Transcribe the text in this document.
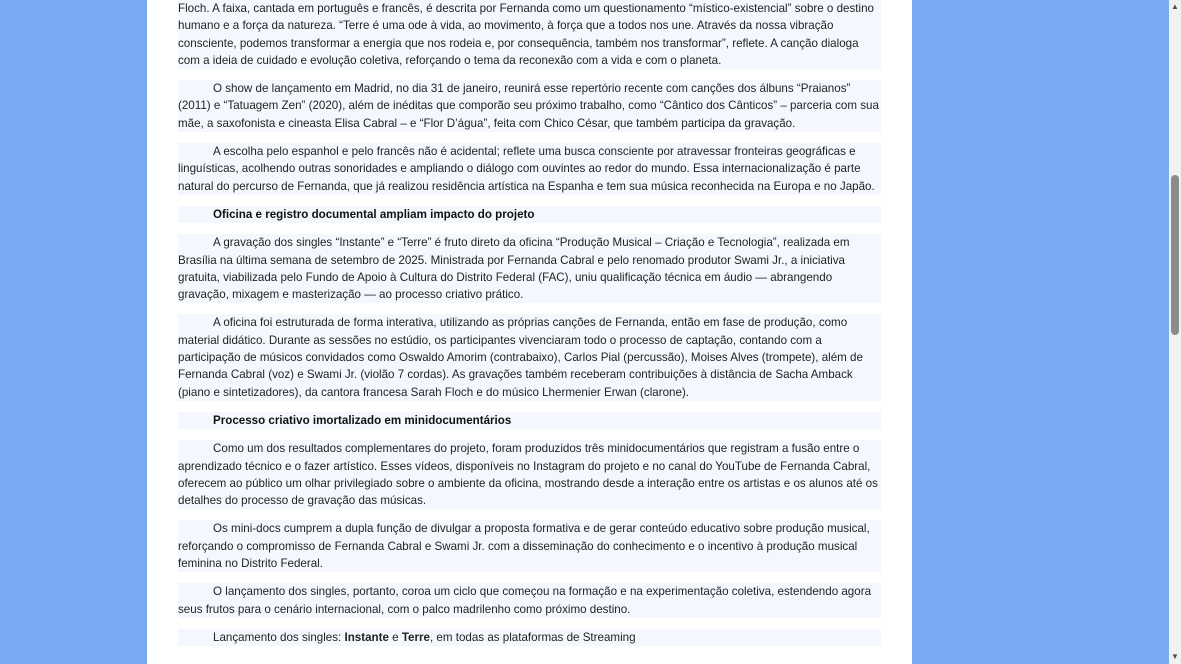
Floch. A faixa, cantada em português e francês, é descrita por Fernanda como um questionamento “místico-existencial” sobre o destino humano e a força da natureza. “Terre é uma ode à vida, ao movimento, à força que a todos nos une. Através da nossa vibração consciente, podemos transformar a energia que nos rodeia e, por consequência, também nos transformar”, reflete. A canção dialoga com a ideia de cuidado e evolução coletiva, reforçando o tema da reconexão com a vida e com o planeta.

O show de lançamento em Madrid, no dia 31 de janeiro, reunirá esse repertório recente com canções dos álbuns “Praianos” (2011) e “Tatuagem Zen” (2020), além de inéditas que comporão seu próximo trabalho, como “Cântico dos Cânticos” – parceria com sua mãe, a saxofonista e cineasta Elisa Cabral – e “Flor D’água”, feita com Chico César, que também participa da gravação.

A escolha pelo espanhol e pelo francês não é acidental; reflete uma busca consciente por atravessar fronteiras geográficas e linguísticas, acolhendo outras sonoridades e ampliando o diálogo com ouvintes ao redor do mundo. Essa internacionalização é parte natural do percurso de Fernanda, que já realizou residência artística na Espanha e tem sua música reconhecida na Europa e no Japão.

Oficina e registro documental ampliam impacto do projeto

A gravação dos singles “Instante” e “Terre” é fruto direto da oficina “Produção Musical – Criação e Tecnologia”, realizada em Brasília na última semana de setembro de 2025. Ministrada por Fernanda Cabral e pelo renomado produtor Swami Jr., a iniciativa gratuita, viabilizada pelo Fundo de Apoio à Cultura do Distrito Federal (FAC), uniu qualificação técnica em áudio — abrangendo gravação, mixagem e masterização — ao processo criativo prático.

A oficina foi estruturada de forma interativa, utilizando as próprias canções de Fernanda, então em fase de produção, como material didático. Durante as sessões no estúdio, os participantes vivenciaram todo o processo de captação, contando com a participação de músicos convidados como Oswaldo Amorim (contrabaixo), Carlos Pial (percussão), Moises Alves (trompete), além de Fernanda Cabral (voz) e Swami Jr. (violão 7 cordas). As gravações também receberam contribuições à distância de Sacha Amback (piano e sintetizadores), da cantora francesa Sarah Floch e do músico Lhermenier Erwan (clarone).

Processo criativo imortalizado em minidocumentários

Como um dos resultados complementares do projeto, foram produzidos três minidocumentários que registram a fusão entre o aprendizado técnico e o fazer artístico. Esses vídeos, disponíveis no Instagram do projeto e no canal do YouTube de Fernanda Cabral, oferecem ao público um olhar privilegiado sobre o ambiente da oficina, mostrando desde a interação entre os artistas e os alunos até os detalhes do processo de gravação das músicas.

Os mini-docs cumprem a dupla função de divulgar a proposta formativa e de gerar conteúdo educativo sobre produção musical, reforçando o compromisso de Fernanda Cabral e Swami Jr. com a disseminação do conhecimento e o incentivo à produção musical feminina no Distrito Federal.

O lançamento dos singles, portanto, coroa um ciclo que começou na formação e na experimentação coletiva, estendendo agora seus frutos para o cenário internacional, com o palco madrilenho como próximo destino.

Lançamento dos singles: Instante e Terre, em todas as plataformas de Streaming

▲
▼
